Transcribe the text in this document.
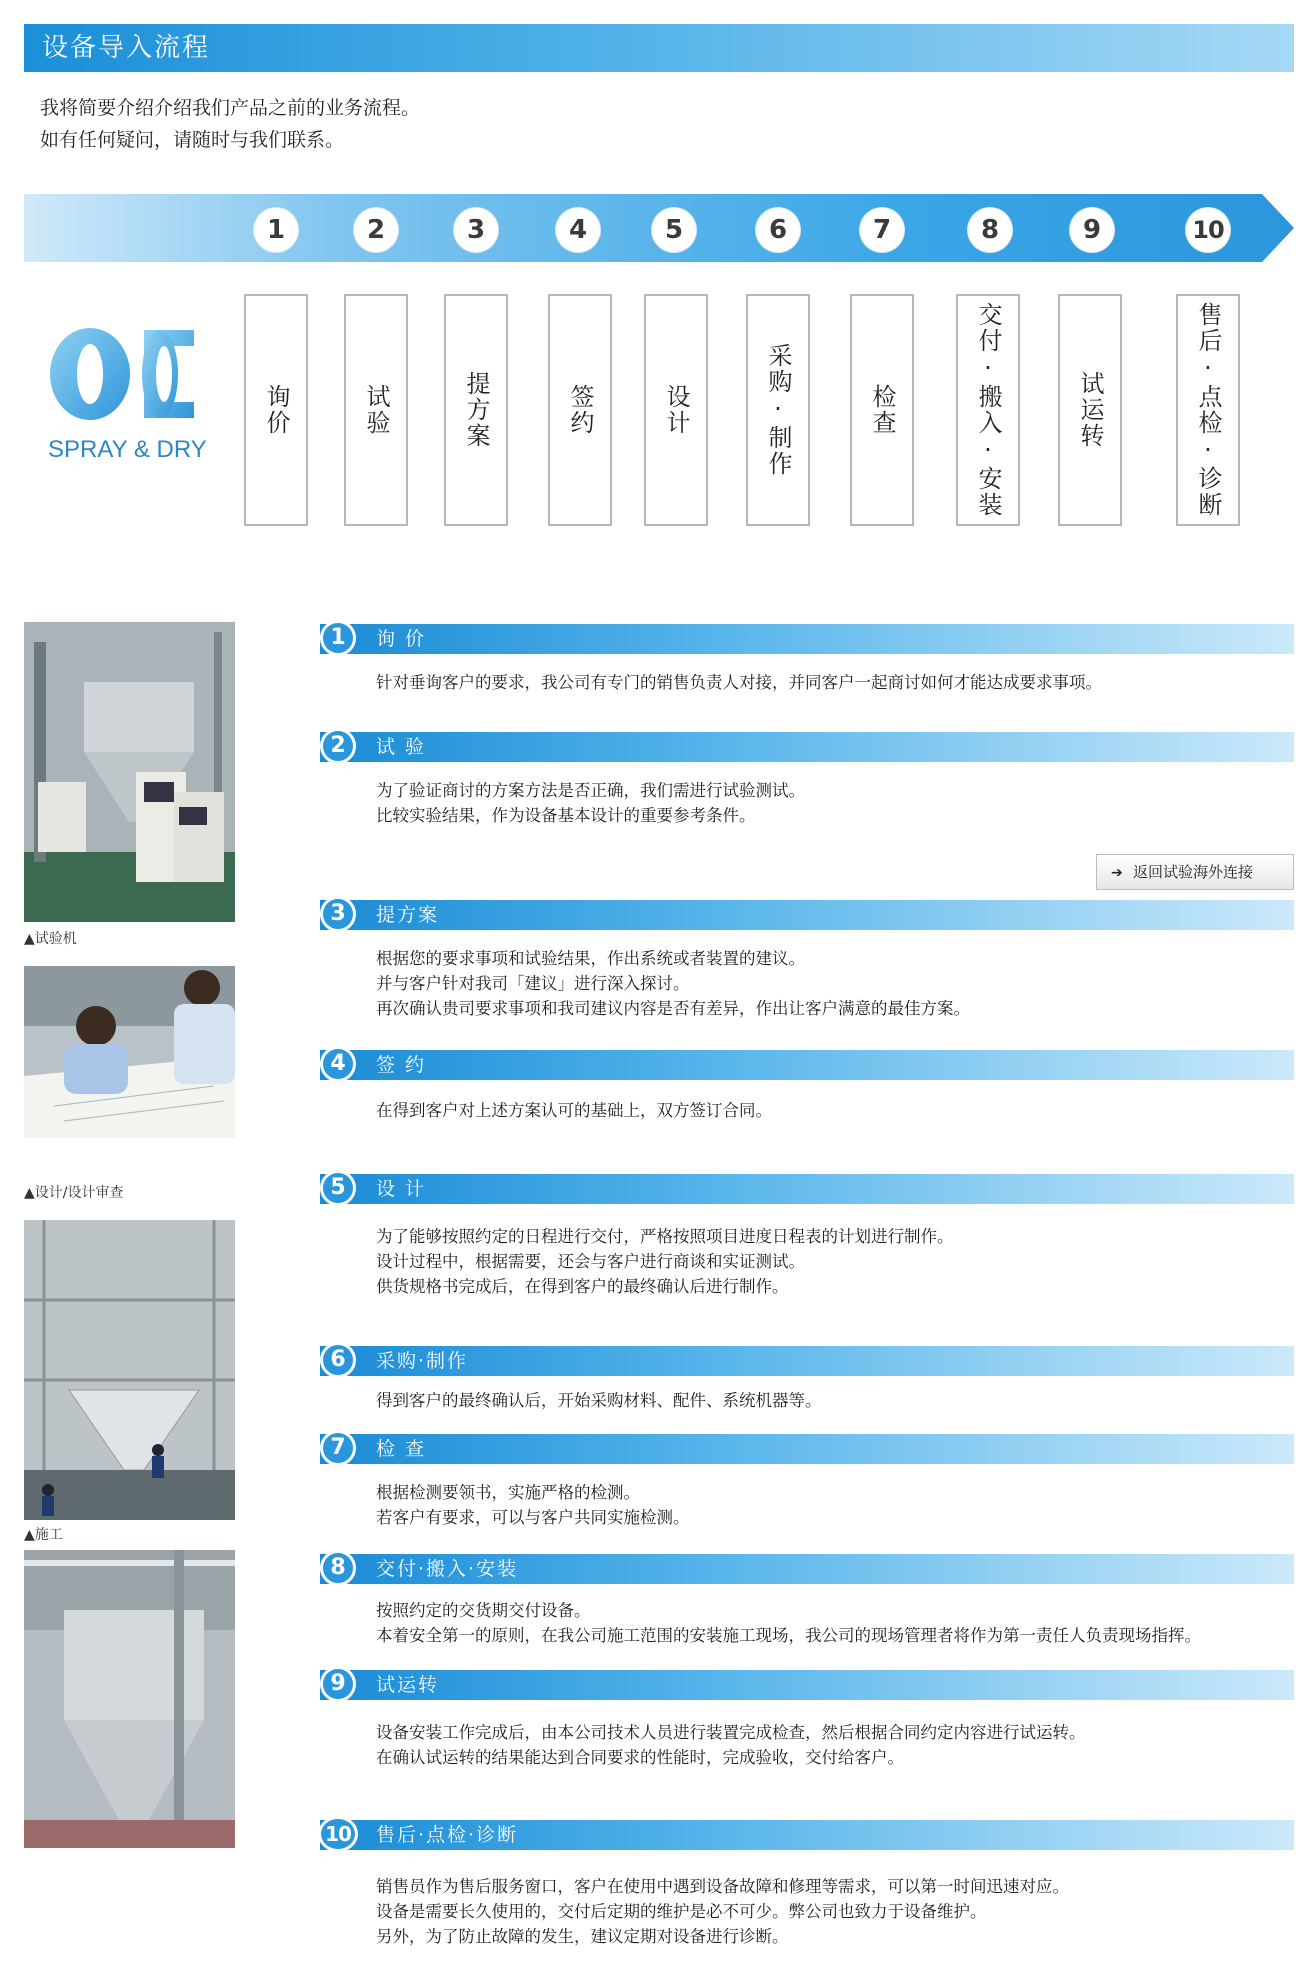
设备导入流程
我将简要介绍介绍我们产品之前的业务流程。
如有任何疑问，请随时与我们联系。
1	2	3	4	5	6	7	8	9	10
SPRAY & DRY
询价	试验	提方案	签约	设计	采购·制作	检查	交付·搬入·安装	试运转	售后·点检·诊断
▲试验机
▲设计/设计审查
▲施工
1	询 价
针对垂询客户的要求，我公司有专门的销售负责人对接，并同客户一起商讨如何才能达成要求事项。
2	试 验
为了验证商讨的方案方法是否正确，我们需进行试验测试。
比较实验结果，作为设备基本设计的重要参考条件。
➔ 返回试验海外连接
3	提方案
根据您的要求事项和试验结果，作出系统或者装置的建议。
并与客户针对我司「建议」进行深入探讨。
再次确认贵司要求事项和我司建议内容是否有差异，作出让客户满意的最佳方案。
4	签 约
在得到客户对上述方案认可的基础上，双方签订合同。
5	设 计
为了能够按照约定的日程进行交付，严格按照项目进度日程表的计划进行制作。
设计过程中，根据需要，还会与客户进行商谈和实证测试。
供货规格书完成后，在得到客户的最终确认后进行制作。
6	采购·制作
得到客户的最终确认后，开始采购材料、配件、系统机器等。
7	检 查
根据检测要领书，实施严格的检测。
若客户有要求，可以与客户共同实施检测。
8	交付·搬入·安装
按照约定的交货期交付设备。
本着安全第一的原则，在我公司施工范围的安装施工现场，我公司的现场管理者将作为第一责任人负责现场指挥。
9	试运转
设备安装工作完成后，由本公司技术人员进行装置完成检查，然后根据合同约定内容进行试运转。
在确认试运转的结果能达到合同要求的性能时，完成验收，交付给客户。
10	售后·点检·诊断
销售员作为售后服务窗口，客户在使用中遇到设备故障和修理等需求，可以第一时间迅速对应。
设备是需要长久使用的，交付后定期的维护是必不可少。弊公司也致力于设备维护。
另外，为了防止故障的发生，建议定期对设备进行诊断。
